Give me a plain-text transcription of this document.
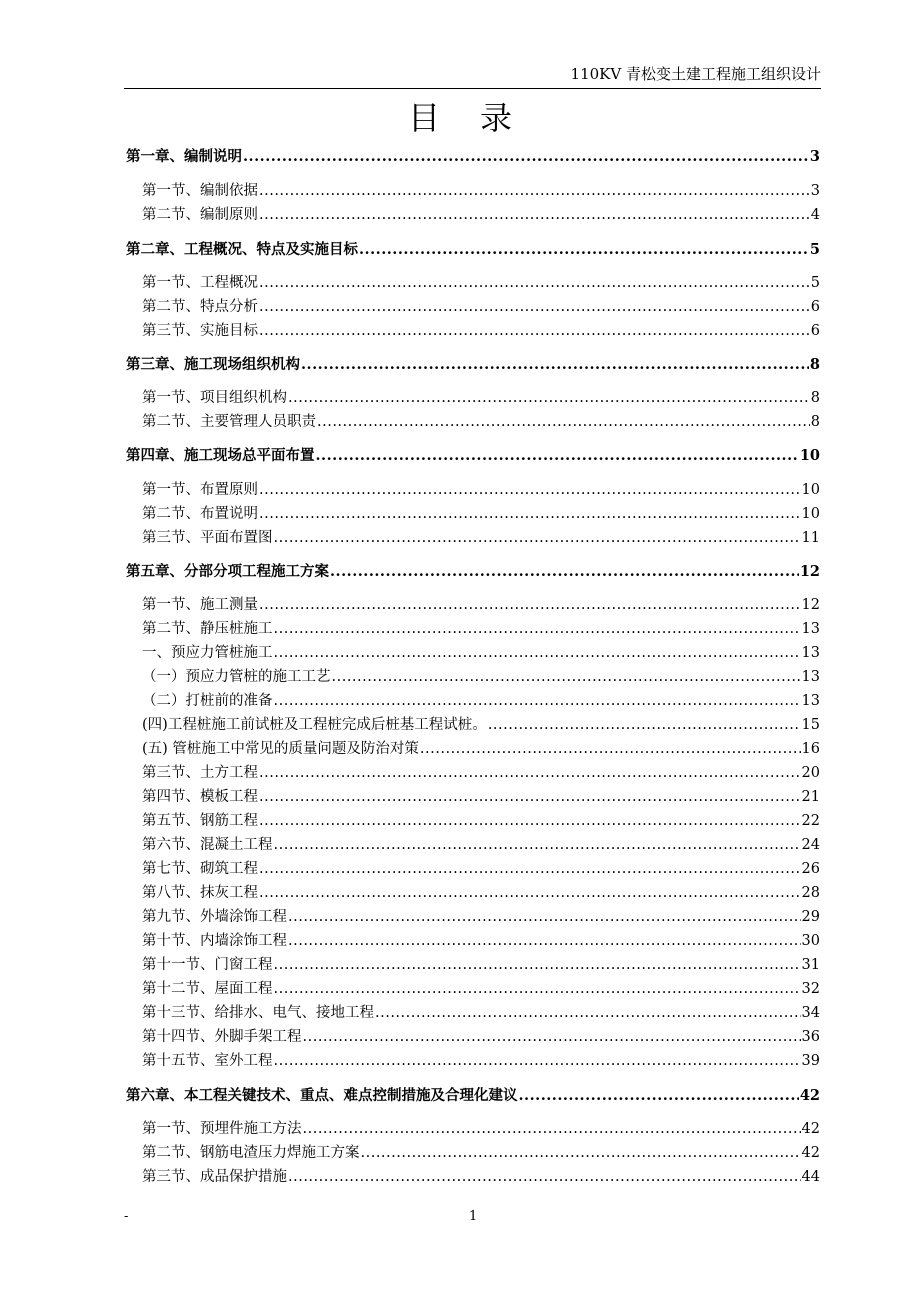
110KV 青松变土建工程施工组织设计
目录
第一章、编制说明 .....	3
第一节、编制依据 .....	3
第二节、编制原则 .....	4
第二章、工程概况、特点及实施目标 .....	5
第一节、工程概况 .....	5
第二节、特点分析 .....	6
第三节、实施目标 .....	6
第三章、施工现场组织机构 .....	8
第一节、项目组织机构 .....	8
第二节、主要管理人员职责 .....	8
第四章、施工现场总平面布置 .....	10
第一节、布置原则 .....	10
第二节、布置说明 .....	10
第三节、平面布置图 .....	11
第五章、分部分项工程施工方案 .....	12
第一节、施工测量 .....	12
第二节、静压桩施工 .....	13
一、预应力管桩施工 .....	13
（一）预应力管桩的施工工艺 .....	13
（二）打桩前的准备 .....	13
(四)工程桩施工前试桩及工程桩完成后桩基工程试桩。 .....	15
(五) 管桩施工中常见的质量问题及防治对策 .....	16
第三节、土方工程 .....	20
第四节、模板工程 .....	21
第五节、钢筋工程 .....	22
第六节、混凝土工程 .....	24
第七节、砌筑工程 .....	26
第八节、抹灰工程 .....	28
第九节、外墙涂饰工程 .....	29
第十节、内墙涂饰工程 .....	30
第十一节、门窗工程 .....	31
第十二节、屋面工程 .....	32
第十三节、给排水、电气、接地工程 .....	34
第十四节、外脚手架工程 .....	36
第十五节、室外工程 .....	39
第六章、本工程关键技术、重点、难点控制措施及合理化建议 .....	42
第一节、预埋件施工方法 .....	42
第二节、钢筋电渣压力焊施工方案 .....	42
第三节、成品保护措施 .....	44
-	1
